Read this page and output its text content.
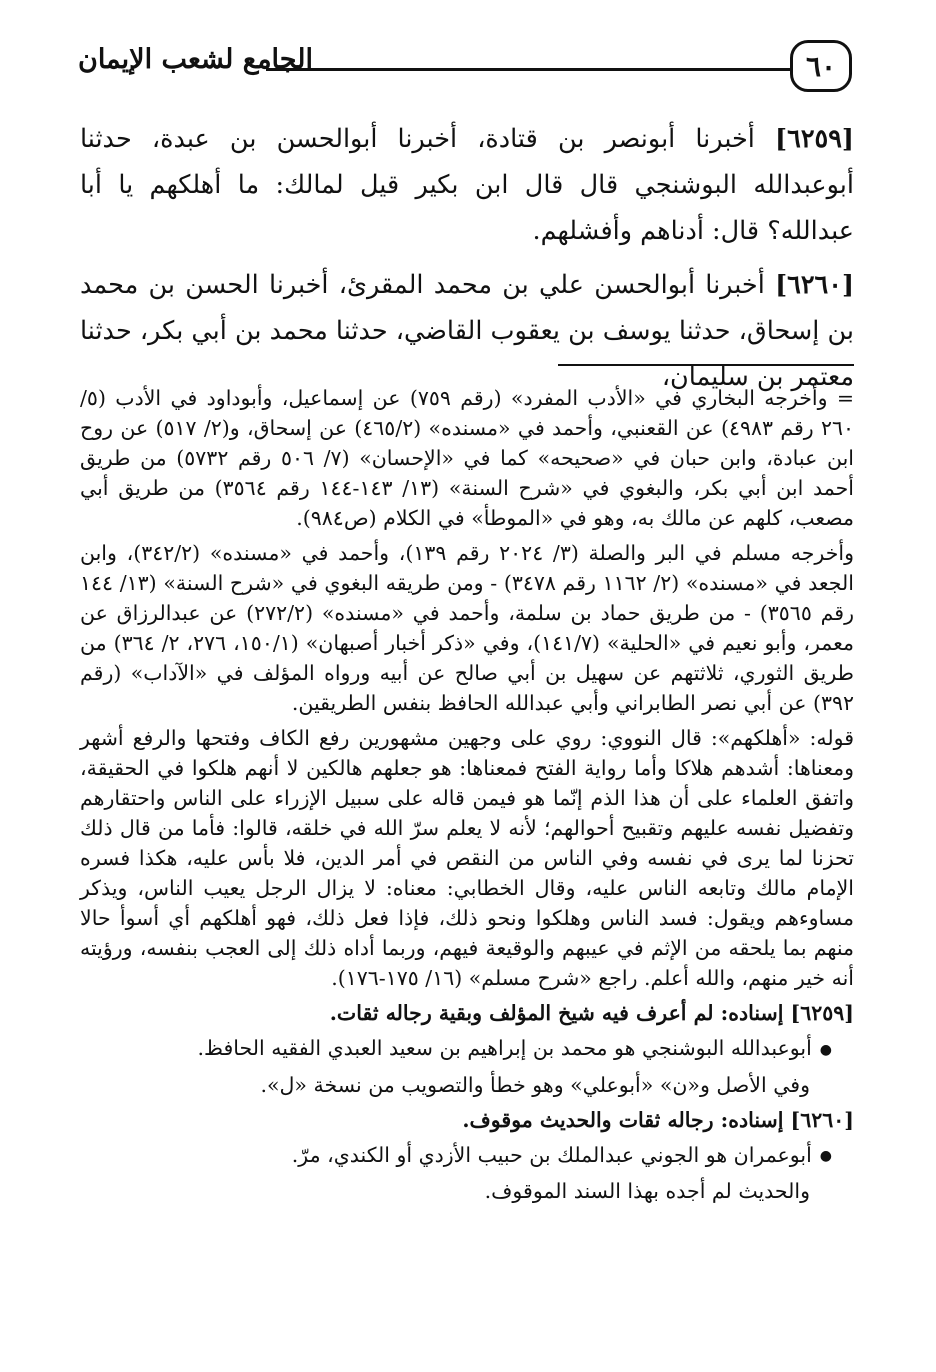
٦٠
الجامع لشعب الإيمان

[٦٢٥٩] أخبرنا أبونصر بن قتادة، أخبرنا أبوالحسن بن عبدة، حدثنا أبوعبدالله البوشنجي قال قال ابن بكير قيل لمالك: ما أهلكهم يا أبا عبدالله؟ قال: أدناهم وأفشلهم.

[٦٢٦٠] أخبرنا أبوالحسن علي بن محمد المقرئ، أخبرنا الحسن بن محمد بن إسحاق، حدثنا يوسف بن يعقوب القاضي، حدثنا محمد بن أبي بكر، حدثنا معتمر بن سليمان،

= وأخرجه البخاري في «الأدب المفرد» (رقم ٧٥٩) عن إسماعيل، وأبوداود في الأدب (٥/ ٢٦٠ رقم ٤٩٨٣) عن القعنبي، وأحمد في «مسنده» (٤٦٥/٢) عن إسحاق، و(٢/ ٥١٧) عن روح ابن عبادة، وابن حبان في «صحيحه» كما في «الإحسان» (٧/ ٥٠٦ رقم ٥٧٣٢) من طريق أحمد ابن أبي بكر، والبغوي في «شرح السنة» (١٣/ ١٤٣-١٤٤ رقم ٣٥٦٤) من طريق أبي مصعب، كلهم عن مالك به، وهو في «الموطأ» في الكلام (ص٩٨٤).

وأخرجه مسلم في البر والصلة (٣/ ٢٠٢٤ رقم ١٣٩)، وأحمد في «مسنده» (٣٤٢/٢)، وابن الجعد في «مسنده» (٢/ ١١٦٢ رقم ٣٤٧٨) - ومن طريقه البغوي في «شرح السنة» (١٣/ ١٤٤ رقم ٣٥٦٥) - من طريق حماد بن سلمة، وأحمد في «مسنده» (٢٧٢/٢) عن عبدالرزاق عن معمر، وأبو نعيم في «الحلية» (١٤١/٧)، وفي «ذكر أخبار أصبهان» (١٥٠/١، ٢٧٦، ٢/ ٣٦٤) من طريق الثوري، ثلاثتهم عن سهيل بن أبي صالح عن أبيه ورواه المؤلف في «الآداب» (رقم ٣٩٢) عن أبي نصر الطابراني وأبي عبدالله الحافظ بنفس الطريقين.

قوله: «أهلكهم»: قال النووي: روي على وجهين مشهورين رفع الكاف وفتحها والرفع أشهر ومعناها: أشدهم هلاكا وأما رواية الفتح فمعناها: هو جعلهم هالكين لا أنهم هلكوا في الحقيقة، واتفق العلماء على أن هذا الذم إنّما هو فيمن قاله على سبيل الإزراء على الناس واحتقارهم وتفضيل نفسه عليهم وتقبيح أحوالهم؛ لأنه لا يعلم سرّ الله في خلقه، قالوا: فأما من قال ذلك تحزنا لما يرى في نفسه وفي الناس من النقص في أمر الدين، فلا بأس عليه، هكذا فسره الإمام مالك وتابعه الناس عليه، وقال الخطابي: معناه: لا يزال الرجل يعيب الناس، ويذكر مساوءهم ويقول: فسد الناس وهلكوا ونحو ذلك، فإذا فعل ذلك، فهو أهلكهم أي أسوأ حالا منهم بما يلحقه من الإثم في عيبهم والوقيعة فيهم، وربما أداه ذلك إلى العجب بنفسه، ورؤيته أنه خير منهم، والله أعلم. راجع «شرح مسلم» (١٦/ ١٧٥-١٧٦).

[٦٢٥٩] إسناده: لم أعرف فيه شيخ المؤلف وبقية رجاله ثقات.

●أبوعبدالله البوشنجي هو محمد بن إبراهيم بن سعيد العبدي الفقيه الحافظ.

وفي الأصل و«ن» «أبوعلي» وهو خطأ والتصويب من نسخة «ل».

[٦٢٦٠] إسناده: رجاله ثقات والحديث موقوف.

●أبوعمران هو الجوني عبدالملك بن حبيب الأزدي أو الكندي، مرّ.

والحديث لم أجده بهذا السند الموقوف.
